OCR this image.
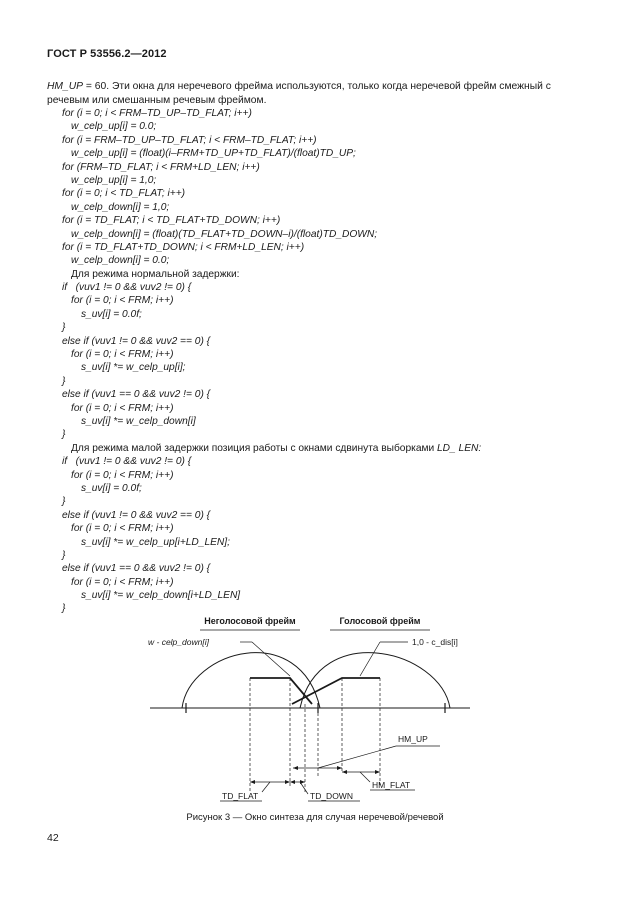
ГОСТ Р 53556.2—2012

HM_UP = 60. Эти окна для неречевого фрейма используются, только когда неречевой фрейм смежный с речевым или смешанным речевым фреймом.

for (i = 0; i < FRM–TD_UP–TD_FLAT; i++)
w_celp_up[i] = 0.0;
for (i = FRM–TD_UP–TD_FLAT; i < FRM–TD_FLAT; i++)
w_celp_up[i] = (float)(i–FRM+TD_UP+TD_FLAT)/(float)TD_UP;
for (FRM–TD_FLAT; i < FRM+LD_LEN; i++)
w_celp_up[i] = 1,0;
for (i = 0; i < TD_FLAT; i++)
w_celp_down[i] = 1,0;
for (i = TD_FLAT; i < TD_FLAT+TD_DOWN; i++)
w_celp_down[i] = (float)(TD_FLAT+TD_DOWN–i)/(float)TD_DOWN;
for (i = TD_FLAT+TD_DOWN; i < FRM+LD_LEN; i++)
w_celp_down[i] = 0.0;
Для режима нормальной задержки:
if   (vuv1 != 0 && vuv2 != 0) {
for (i = 0; i < FRM; i++)
s_uv[i] = 0.0f;
}
else if (vuv1 != 0 && vuv2 == 0) {
for (i = 0; i < FRM; i++)
s_uv[i] *= w_celp_up[i];
}
else if (vuv1 == 0 && vuv2 != 0) {
for (i = 0; i < FRM; i++)
s_uv[i] *= w_celp_down[i]
}
Для режима малой задержки позиция работы с окнами сдвинута выборками LD_ LEN:
if   (vuv1 != 0 && vuv2 != 0) {
for (i = 0; i < FRM; i++)
s_uv[i] = 0.0f;
}
else if (vuv1 != 0 && vuv2 == 0) {
for (i = 0; i < FRM; i++)
s_uv[i] *= w_celp_up[i+LD_LEN];
}
else if (vuv1 == 0 && vuv2 != 0) {
for (i = 0; i < FRM; i++)
s_uv[i] *= w_celp_down[i+LD_LEN]
}
Неголосовой фрейм	Голосовой фрейм
w - celp_down[i]	1,0 - c_dis[i]
HM_UP
HM_FLAT
TD_FLAT	TD_DOWN
Рисунок 3 — Окно синтеза для случая неречевой/речевой
42
